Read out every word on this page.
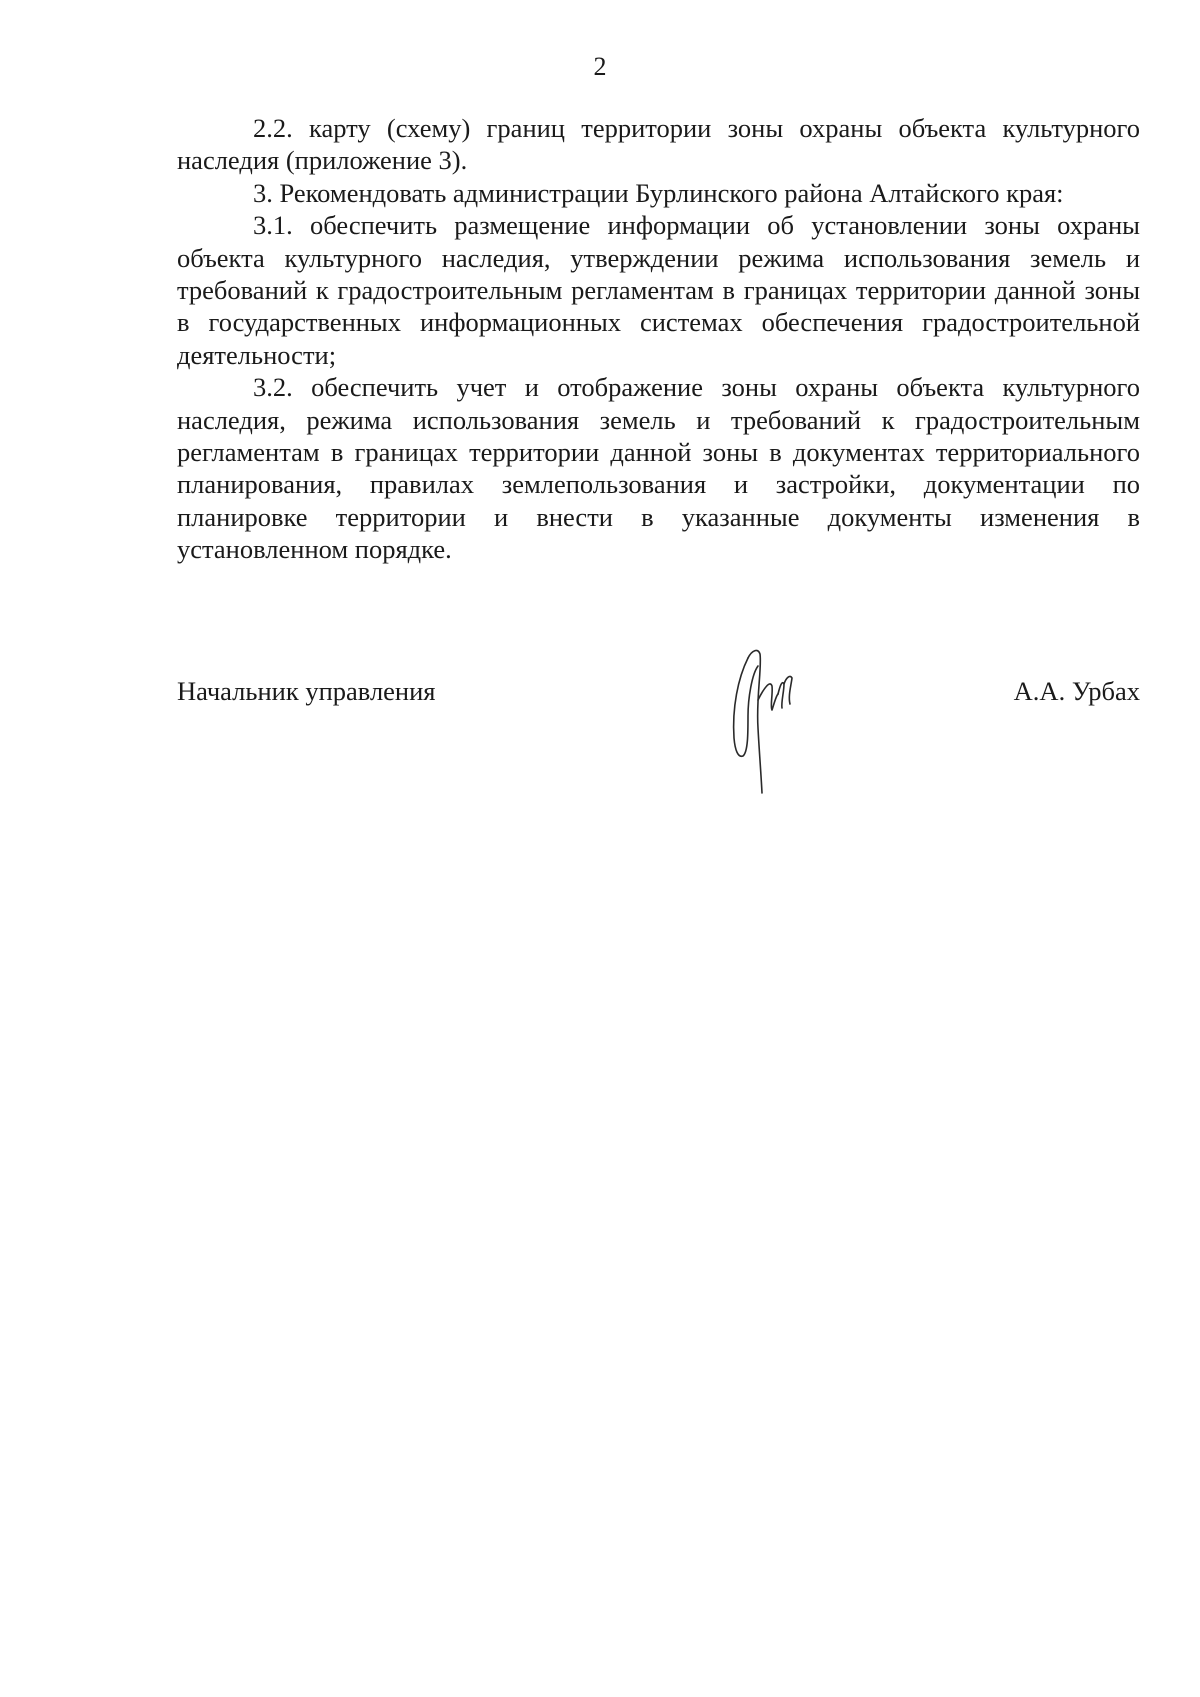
2

2.2. карту (схему) границ территории зоны охраны объекта культурного наследия (приложение 3).

3. Рекомендовать администрации Бурлинского района Алтайского края:

3.1. обеспечить размещение информации об установлении зоны охраны объекта культурного наследия, утверждении режима использования земель и требований к градостроительным регламентам в границах территории данной зоны в государственных информационных системах обеспечения градостроительной деятельности;

3.2. обеспечить учет и отображение зоны охраны объекта культурного наследия, режима использования земель и требований к градостроительным регламентам в границах территории данной зоны в документах территориального планирования, правилах землепользования и застройки, документации по планировке территории и внести в указанные документы изменения в установленном порядке.

Начальник управления	А.А. Урбах
